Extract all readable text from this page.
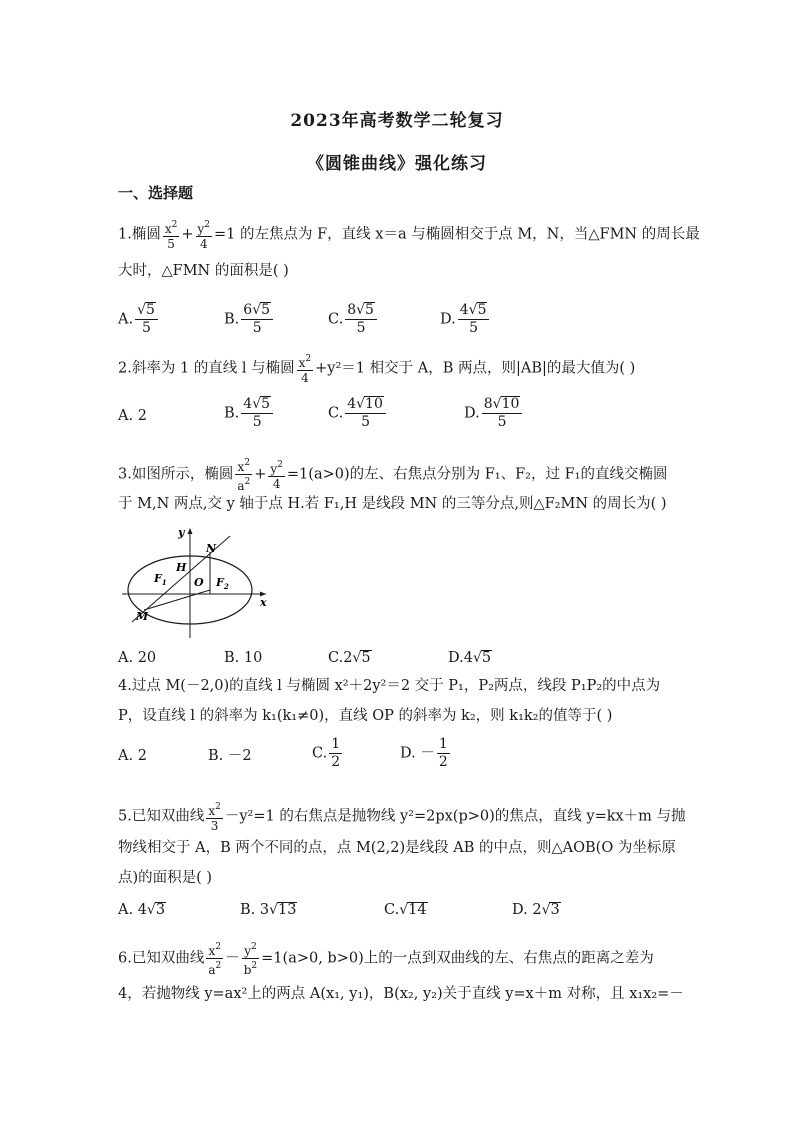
2023年高考数学二轮复习
《圆锥曲线》强化练习
一、选择题
1.椭圆 $\frac{x^2}{5} + \frac{y^2}{4} =1$ 的左焦点为 F，直线 x＝a 与椭圆相交于点 M，N，当△FMN 的周长最
大时，△FMN 的面积是( )
A. $\frac{√5}{5}$	B. $\frac{6√5}{5}$	C. $\frac{8√5}{5}$	D. $\frac{4√5}{5}$
2.斜率为 1 的直线 l 与椭圆 $\frac{x^2}{4} +y^2=1$ 相交于 A，B 两点，则|AB|的最大值为( )
A. 2	B. $\frac{4√5}{5}$	C. $\frac{4√10}{5}$	D. $\frac{8√10}{5}$
3.如图所示，椭圆 $\frac{x^2}{a^2} + \frac{y^2}{4} =1(a>0)$的左、右焦点分别为 F₁、F₂，过 F₁的直线交椭圆
于 M,N 两点,交 y 轴于点 H.若 F₁,H 是线段 MN 的三等分点,则△F₂MN 的周长为( )
y
x
N
H
O
$F_1$	$F_2$
M
A. 20	B. 10	C.2√5	D.4√5
4.过点 M(－2,0)的直线 l 与椭圆 x²＋2y²＝2 交于 P₁，P₂两点，线段 P₁P₂的中点为
P，设直线 l 的斜率为 k₁(k₁≠0)，直线 OP 的斜率为 k₂，则 k₁k₂的值等于( )
A. 2	B. －2	C. $\frac{1}{2}$	D. － $\frac{1}{2}$
5.已知双曲线 $\frac{x^2}{3} -y^2=1$ 的右焦点是抛物线 y²=2px(p>0)的焦点，直线 y=kx＋m 与抛
物线相交于 A，B 两个不同的点，点 M(2,2)是线段 AB 的中点，则△AOB(O 为坐标原
点)的面积是( )
A. 4√3	B. 3√13	C.√14	D. 2√3
6.已知双曲线 $\frac{x^2}{a^2} - \frac{y^2}{b^2} =1(a>0$, b>0)上的一点到双曲线的左、右焦点的距离之差为
4，若抛物线 y=ax²上的两点 A(x₁, y₁)，B(x₂, y₂)关于直线 y=x＋m 对称，且 x₁x₂=－
